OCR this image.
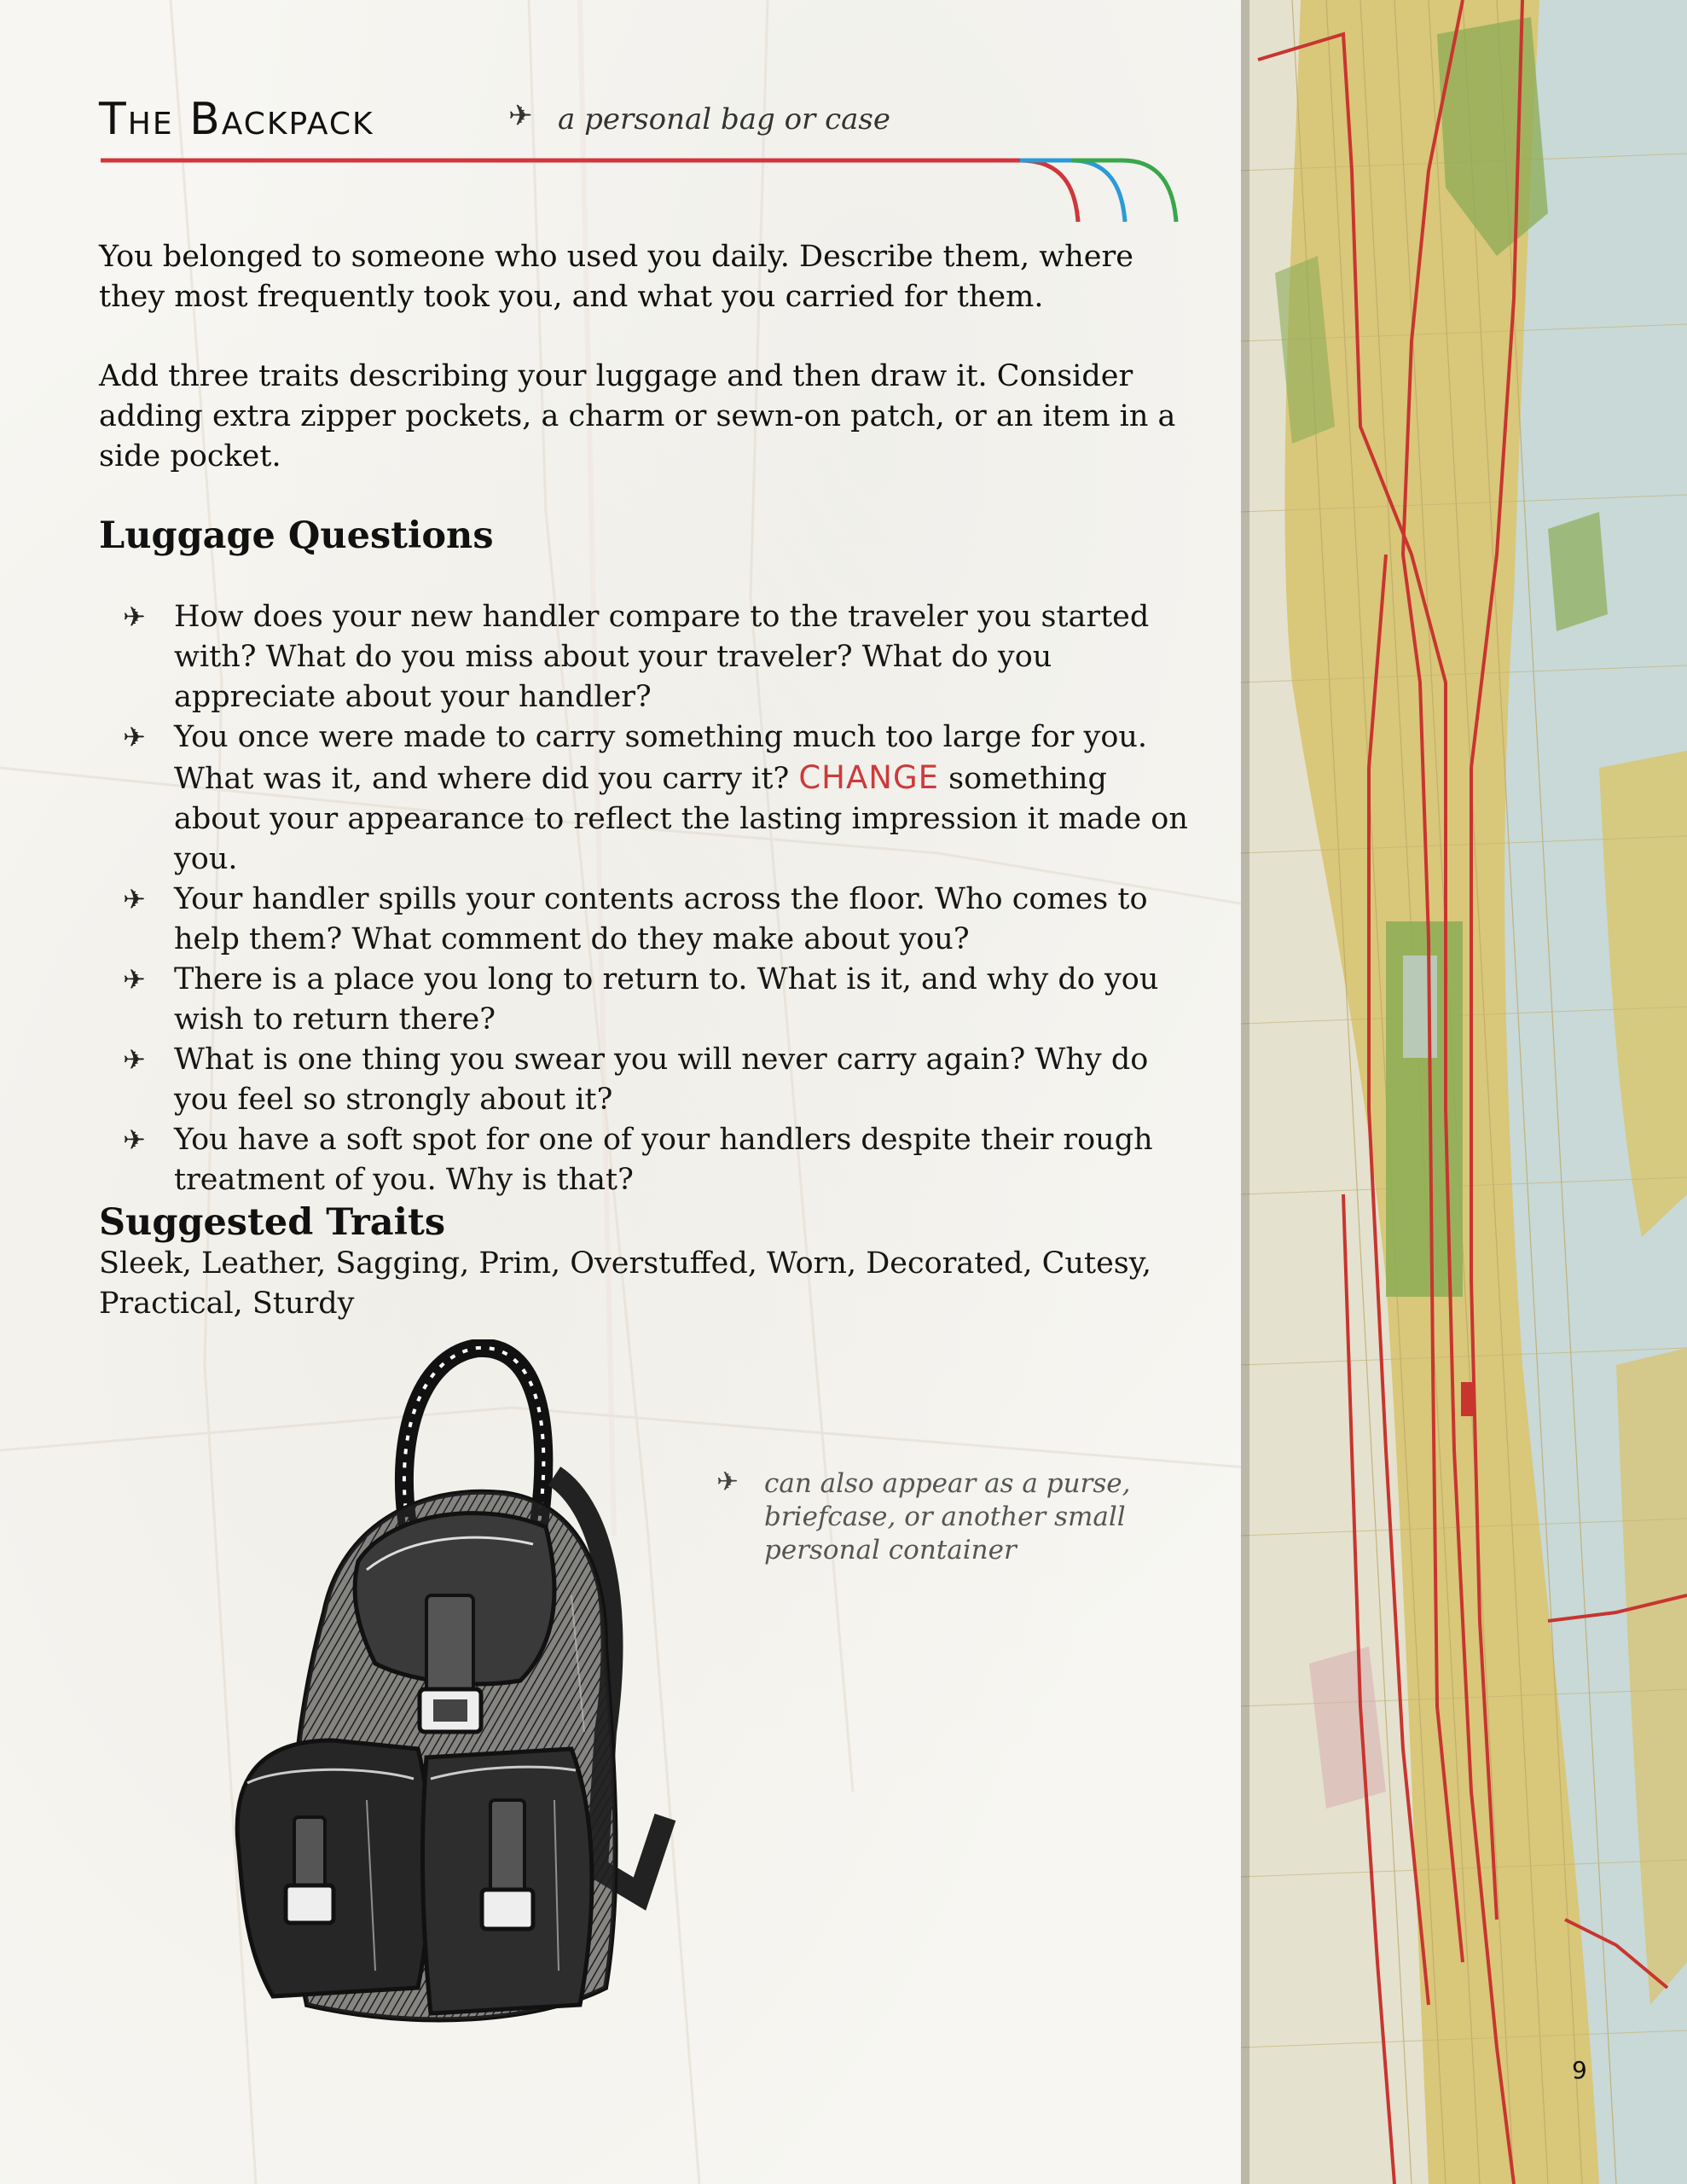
The Backpack	✈ a personal bag or case
You belonged to someone who used you daily. Describe them, where they most frequently took you, and what you carried for them.
Add three traits describing your luggage and then draw it. Consider adding extra zipper pockets, a charm or sewn-on patch, or an item in a side pocket.
Luggage Questions
✈ How does your new handler compare to the traveler you started with? What do you miss about your traveler? What do you appreciate about your handler?
✈ You once were made to carry something much too large for you. What was it, and where did you carry it? CHANGE something about your appearance to reflect the lasting impression it made on you.
✈ Your handler spills your contents across the floor. Who comes to help them? What comment do they make about you?
✈ There is a place you long to return to. What is it, and why do you wish to return there?
✈ What is one thing you swear you will never carry again? Why do you feel so strongly about it?
✈ You have a soft spot for one of your handlers despite their rough treatment of you. Why is that?
Suggested Traits
Sleek, Leather, Sagging, Prim, Overstuffed, Worn, Decorated, Cutesy, Practical, Sturdy
✈ can also appear as a purse, briefcase, or another small personal container
9
